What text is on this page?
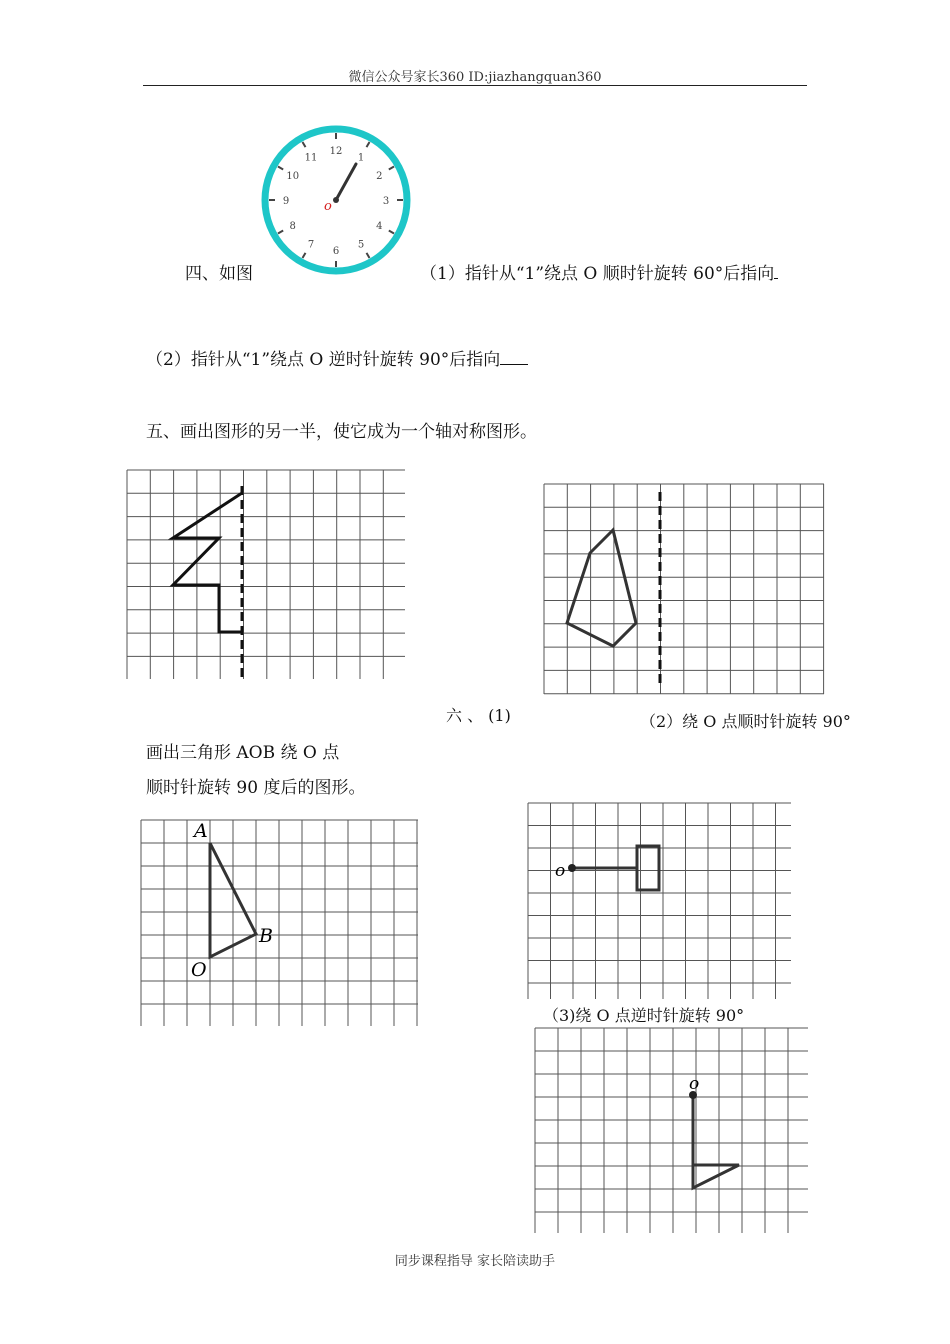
微信公众号家长360 ID:jiazhangquan360
12
1
2
3
4
5
6
7
8
9
10
11
o
四、如图	（1）指针从“1”绕点 O 顺时针旋转 60°后指向
（2）指针从“1”绕点 O 逆时针旋转 90°后指向
五、画出图形的另一半，使它成为一个轴对称图形。
六 、 (1)	（2）绕 O 点顺时针旋转 90°
画出三角形 AOB 绕 O 点
顺时针旋转 90 度后的图形。
A
B
O
o
（3)绕 O 点逆时针旋转 90°
o
同步课程指导 家长陪读助手
